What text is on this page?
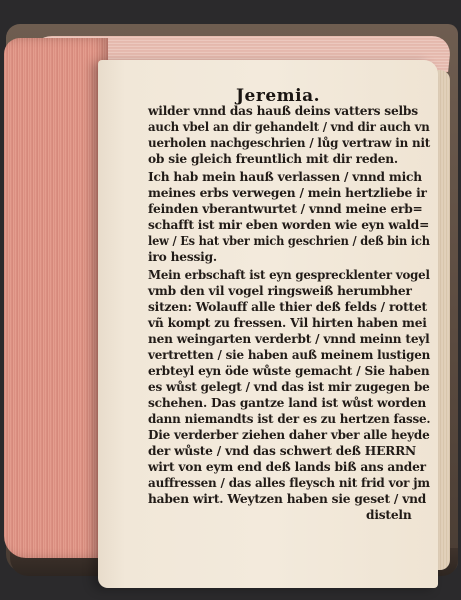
Jeremia.
wilder vnnd das hauß deins vatters selbs
auch vbel an dir gehandelt / vnd dir auch vn
uerholen nachgeschrien / lůg vertraw in nit
ob sie gleich freuntlich mit dir reden.
Ich hab mein hauß verlassen / vnnd mich
meines erbs verwegen / mein hertzliebe ir
feinden vberantwurtet / vnnd meine erb=
schafft ist mir eben worden wie eyn wald=
lew / Es hat vber mich geschrien / deß bin ich
iro hessig.
Mein erbschaft ist eyn gesprecklenter vogel
vmb den vil vogel ringsweiß herumbher
sitzen: Wolauff alle thier deß felds / rottet
vñ kompt zu fressen. Vil hirten haben mei
nen weingarten verderbt / vnnd meinn teyl
vertretten / sie haben auß meinem lustigen
erbteyl eyn öde wůste gemacht / Sie haben
es wůst gelegt / vnd das ist mir zugegen be
schehen. Das gantze land ist wůst worden
dann niemandts ist der es zu hertzen fasse.
Die verderber ziehen daher vber alle heyde
der wůste / vnd das schwert deß HERRN
wirt von eym end deß lands biß ans ander
auffressen / das alles fleysch nit frid vor jm
haben wirt. Weytzen haben sie geset / vnd
disteln
